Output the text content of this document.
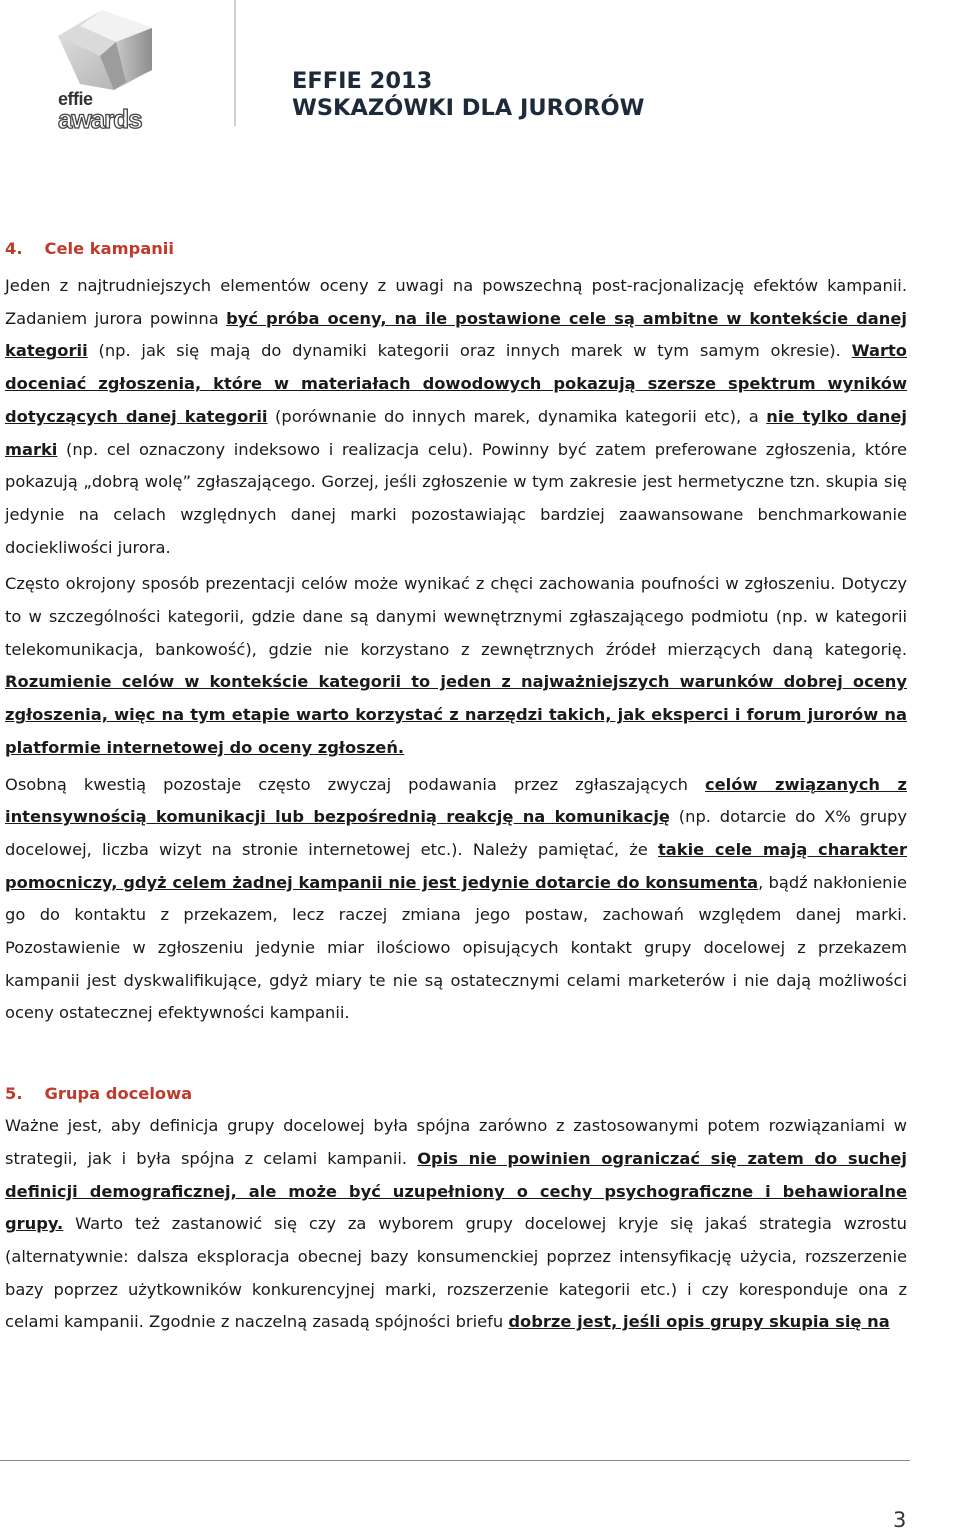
effie
awards
EFFIE 2013
WSKAZÓWKI DLA JURORÓW
4. Cele kampanii

Jeden z najtrudniejszych elementów oceny z uwagi na powszechną post-racjonalizację efektów kampanii. Zadaniem jurora powinna być próba oceny, na ile postawione cele są ambitne w kontekście danej kategorii (np. jak się mają do dynamiki kategorii oraz innych marek w tym samym okresie). Warto doceniać zgłoszenia, które w materiałach dowodowych pokazują szersze spektrum wyników dotyczących danej kategorii (porównanie do innych marek, dynamika kategorii etc), a nie tylko danej marki (np. cel oznaczony indeksowo i realizacja celu). Powinny być zatem preferowane zgłoszenia, które pokazują „dobrą wolę” zgłaszającego. Gorzej, jeśli zgłoszenie w tym zakresie jest hermetyczne tzn. skupia się jedynie na celach względnych danej marki pozostawiając bardziej zaawansowane benchmarkowanie dociekliwości jurora.

Często okrojony sposób prezentacji celów może wynikać z chęci zachowania poufności w zgłoszeniu. Dotyczy to w szczególności kategorii, gdzie dane są danymi wewnętrznymi zgłaszającego podmiotu (np. w kategorii telekomunikacja, bankowość), gdzie nie korzystano z zewnętrznych źródeł mierzących daną kategorię. Rozumienie celów w kontekście kategorii to jeden z najważniejszych warunków dobrej oceny zgłoszenia, więc na tym etapie warto korzystać z narzędzi takich, jak eksperci i forum jurorów na platformie internetowej do oceny zgłoszeń.

Osobną kwestią pozostaje często zwyczaj podawania przez zgłaszających celów związanych z intensywnością komunikacji lub bezpośrednią reakcję na komunikację (np. dotarcie do X% grupy docelowej, liczba wizyt na stronie internetowej etc.). Należy pamiętać, że takie cele mają charakter pomocniczy, gdyż celem żadnej kampanii nie jest jedynie dotarcie do konsumenta, bądź nakłonienie go do kontaktu z przekazem, lecz raczej zmiana jego postaw, zachowań względem danej marki. Pozostawienie w zgłoszeniu jedynie miar ilościowo opisujących kontakt grupy docelowej z przekazem kampanii jest dyskwalifikujące, gdyż miary te nie są ostatecznymi celami marketerów i nie dają możliwości oceny ostatecznej efektywności kampanii.

5. Grupa docelowa

Ważne jest, aby definicja grupy docelowej była spójna zarówno z zastosowanymi potem rozwiązaniami w strategii, jak i była spójna z celami kampanii. Opis nie powinien ograniczać się zatem do suchej definicji demograficznej, ale może być uzupełniony o cechy psychograficzne i behawioralne grupy. Warto też zastanowić się czy za wyborem grupy docelowej kryje się jakaś strategia wzrostu (alternatywnie: dalsza eksploracja obecnej bazy konsumenckiej poprzez intensyfikację użycia, rozszerzenie bazy poprzez użytkowników konkurencyjnej marki, rozszerzenie kategorii etc.) i czy koresponduje ona z celami kampanii. Zgodnie z naczelną zasadą spójności briefu dobrze jest, jeśli opis grupy skupia się na

3
